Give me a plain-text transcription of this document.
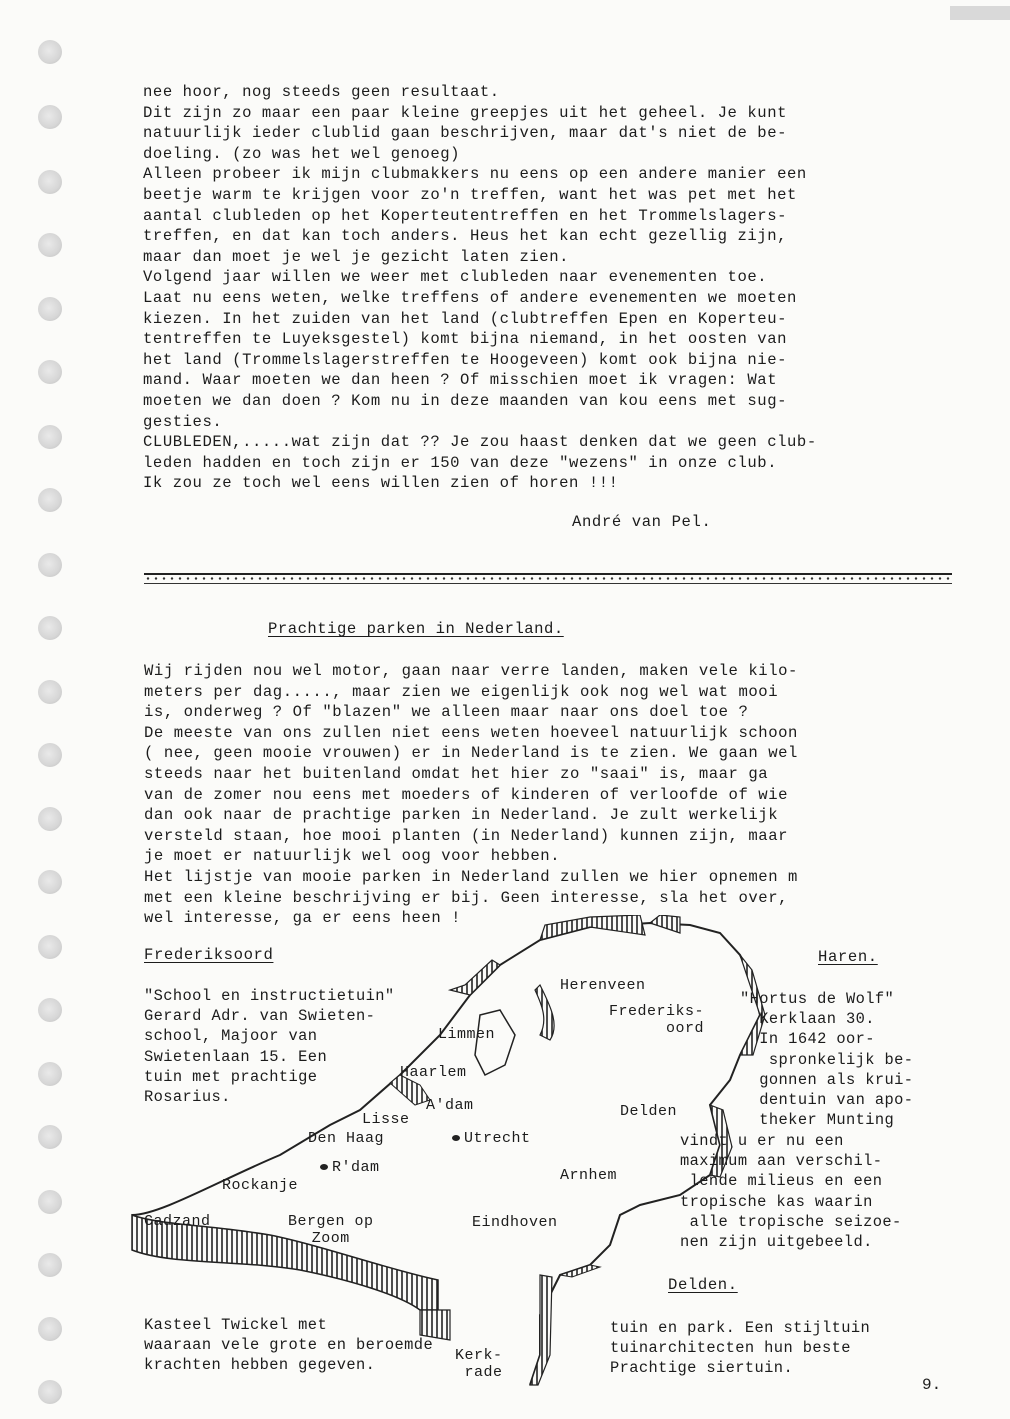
nee hoor, nog steeds geen resultaat.

Dit zijn zo maar een paar kleine greepjes uit het geheel. Je kunt

natuurlijk ieder clublid gaan beschrijven, maar dat's niet de be-

doeling. (zo was het wel genoeg)

Alleen probeer ik mijn clubmakkers nu eens op een andere manier een

beetje warm te krijgen voor zo'n treffen, want het was pet met het

aantal clubleden op het Koperteutentreffen en het Trommelslagers-

treffen, en dat kan toch anders. Heus het kan echt gezellig zijn,

maar dan moet je wel je gezicht laten zien.

Volgend jaar willen we weer met clubleden naar evenementen toe.

Laat nu eens weten, welke treffens of andere evenementen we moeten

kiezen. In het zuiden van het land (clubtreffen Epen en Koperteu-

tentreffen te Luyeksgestel) komt bijna niemand, in het oosten van

het land (Trommelslagerstreffen te Hoogeveen) komt ook bijna nie-

mand. Waar moeten we dan heen ? Of misschien moet ik vragen: Wat

moeten we dan doen ? Kom nu in deze maanden van kou eens met sug-

gesties.

CLUBLEDEN,.....wat zijn dat ?? Je zou haast denken dat we geen club-

leden hadden en toch zijn er 150 van deze "wezens" in onze club.

Ik zou ze toch wel eens willen zien of horen !!!

André van Pel.
Prachtige parken in Nederland.

Wij rijden nou wel motor, gaan naar verre landen, maken vele kilo-

meters per dag....., maar zien we eigenlijk ook nog wel wat mooi

is, onderweg ? Of "blazen" we alleen maar naar ons doel toe ?

De meeste van ons zullen niet eens weten hoeveel natuurlijk schoon

( nee, geen mooie vrouwen) er in Nederland is te zien. We gaan wel

steeds naar het buitenland omdat het hier zo "saai" is, maar ga

van de zomer nou eens met moeders of kinderen of verloofde of wie

dan ook naar de prachtige parken in Nederland. Je zult werkelijk

versteld staan, hoe mooi planten (in Nederland) kunnen zijn, maar

je moet er natuurlijk wel oog voor hebben.

Het lijstje van mooie parken in Nederland zullen we hier opnemen m

met een kleine beschrijving er bij. Geen interesse, sla het over,

wel interesse, ga er eens heen !

Herenveen
Frederiks-
oord
Limmen
Haarlem
A'dam
Lisse
Den Haag	Utrecht
Delden
R'dam
Rockanje
Arnhem
Cadzand	Bergen op
Zoom
Eindhoven
Kerk-
rade
Frederiksoord
"School en instructietuin"
Gerard Adr. van Swieten-
school, Majoor van
Swietenlaan 15. Een
tuin met prachtige
Rosarius.
Haren.
"Hortus de Wolf"
Kerklaan 30.
In 1642 oor-
spronkelijk be-
gonnen als krui-
dentuin van apo-
theker Munting
vindt u er nu een
maximum aan verschil-
lende milieus en een
tropische kas waarin
alle tropische seizoe-
nen zijn uitgebeeld.
Delden.
Kasteel Twickel met
waaraan vele grote en beroemde
krachten hebben gegeven.
tuin en park. Een stijltuin
tuinarchitecten hun beste
Prachtige siertuin.
9.
